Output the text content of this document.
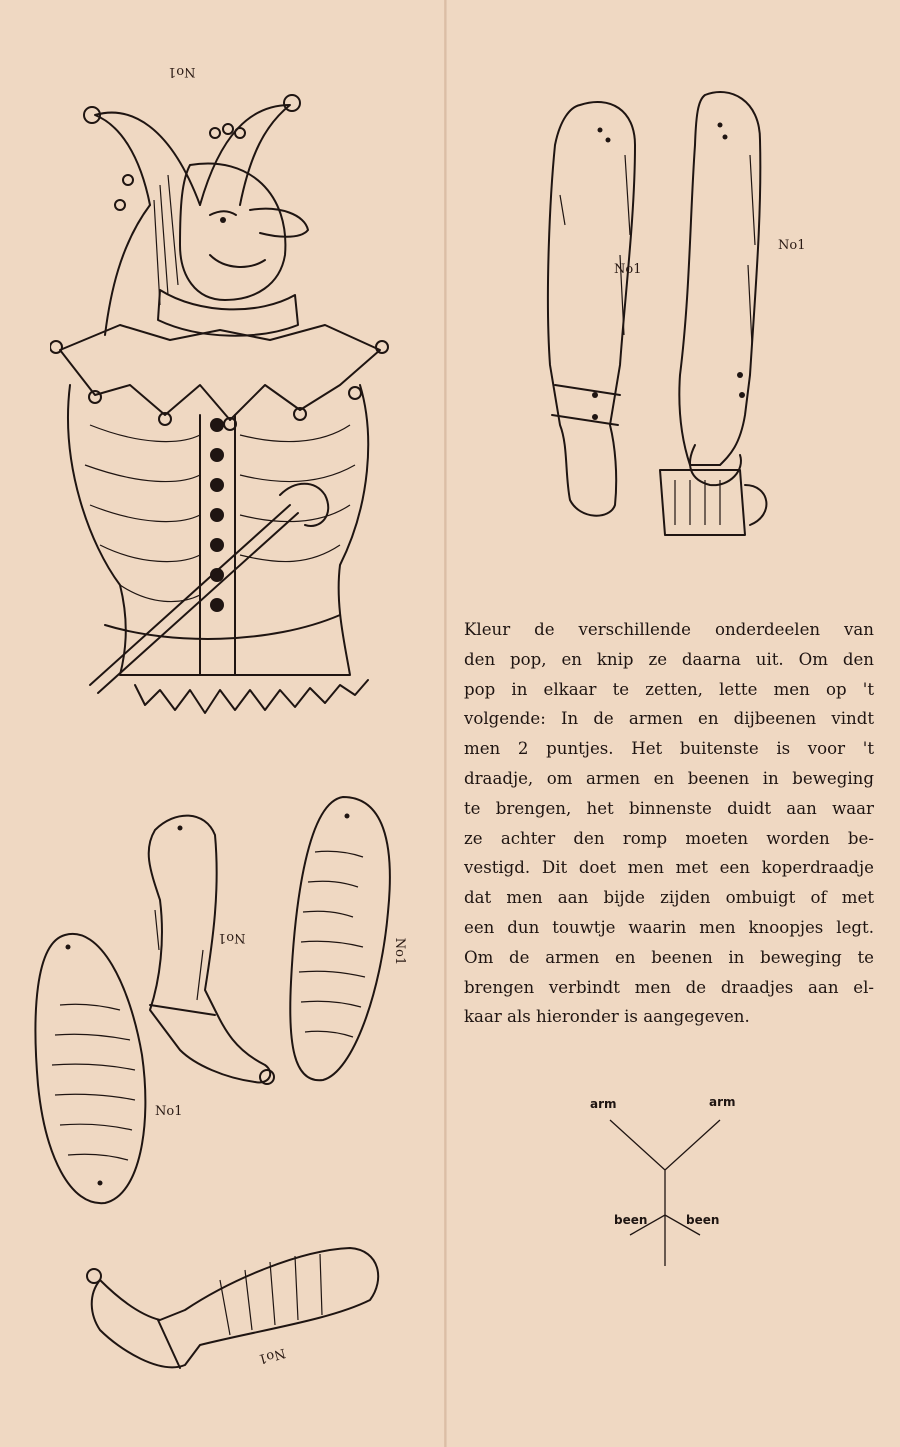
No1
No1
No1
No1
No1
No1
No1
Kleur de verschillende onderdeelen van
den pop, en knip ze daarna uit. Om den
pop in elkaar te zetten, lette men op 't
volgende: In de armen en dijbeenen vindt
men 2 puntjes. Het buitenste is voor 't
draadje, om armen en beenen in beweging
te brengen, het binnenste duidt aan waar
ze achter den romp moeten worden be-
vestigd. Dit doet men met een koperdraadje
dat men aan bijde zijden ombuigt of met
een dun touwtje waarin men knoopjes legt.
Om de armen en beenen in beweging te
brengen verbindt men de draadjes aan el-
kaar als hieronder is aangegeven.
arm	arm
been	been
